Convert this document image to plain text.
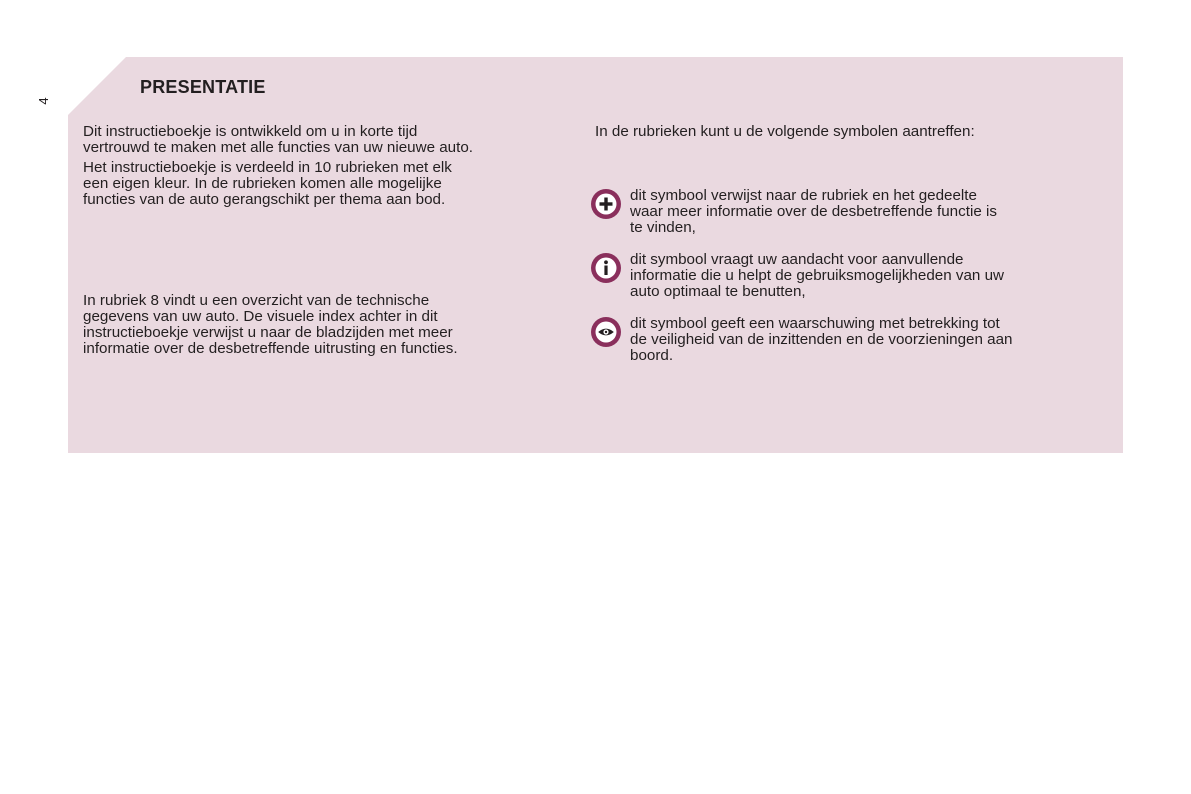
4
PRESENTATIE

Dit instructieboekje is ontwikkeld om u in korte tijd

vertrouwd te maken met alle functies van uw nieuwe auto.

Het instructieboekje is verdeeld in 10 rubrieken met elk

een eigen kleur. In de rubrieken komen alle mogelijke

functies van de auto gerangschikt per thema aan bod.

In rubriek 8 vindt u een overzicht van de technische

gegevens van uw auto. De visuele index achter in dit

instructieboekje verwijst u naar de bladzijden met meer

informatie over de desbetreffende uitrusting en functies.

In de rubrieken kunt u de volgende symbolen aantreffen:

dit symbool verwijst naar de rubriek en het gedeelte

waar meer informatie over de desbetreffende functie is

te vinden,

dit symbool vraagt uw aandacht voor aanvullende

informatie die u helpt de gebruiksmogelijkheden van uw

auto optimaal te benutten,

dit symbool geeft een waarschuwing met betrekking tot

de veiligheid van de inzittenden en de voorzieningen aan

boord.
